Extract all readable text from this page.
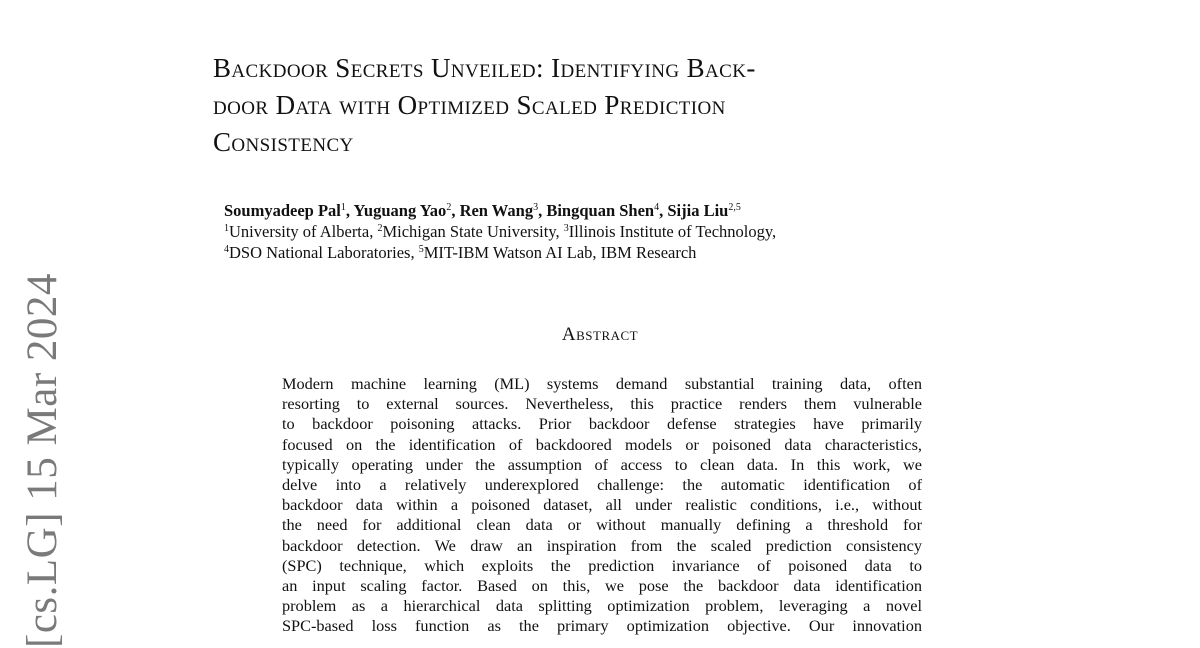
Backdoor Secrets Unveiled: Identifying Back-
door Data with Optimized Scaled Prediction
Consistency
Soumyadeep Pal$^1$, Yuguang Yao$^2$, Ren Wang$^3$, Bingquan Shen$^4$, Sijia Liu$^{2,5}$
$^1$University of Alberta, $^2$Michigan State University, $^3$Illinois Institute of Technology,
$^4$DSO National Laboratories, $^5$MIT-IBM Watson AI Lab, IBM Research
[cs.LG] 15 Mar 2024	Abstract
Modern machine learning (ML) systems demand substantial training data, often
resorting to external sources. Nevertheless, this practice renders them vulnerable
to backdoor poisoning attacks. Prior backdoor defense strategies have primarily
focused on the identification of backdoored models or poisoned data characteristics,
typically operating under the assumption of access to clean data. In this work, we
delve into a relatively underexplored challenge: the automatic identification of
backdoor data within a poisoned dataset, all under realistic conditions, i.e., without
the need for additional clean data or without manually defining a threshold for
backdoor detection. We draw an inspiration from the scaled prediction consistency
(SPC) technique, which exploits the prediction invariance of poisoned data to
an input scaling factor. Based on this, we pose the backdoor data identification
problem as a hierarchical data splitting optimization problem, leveraging a novel
SPC-based loss function as the primary optimization objective. Our innovation
